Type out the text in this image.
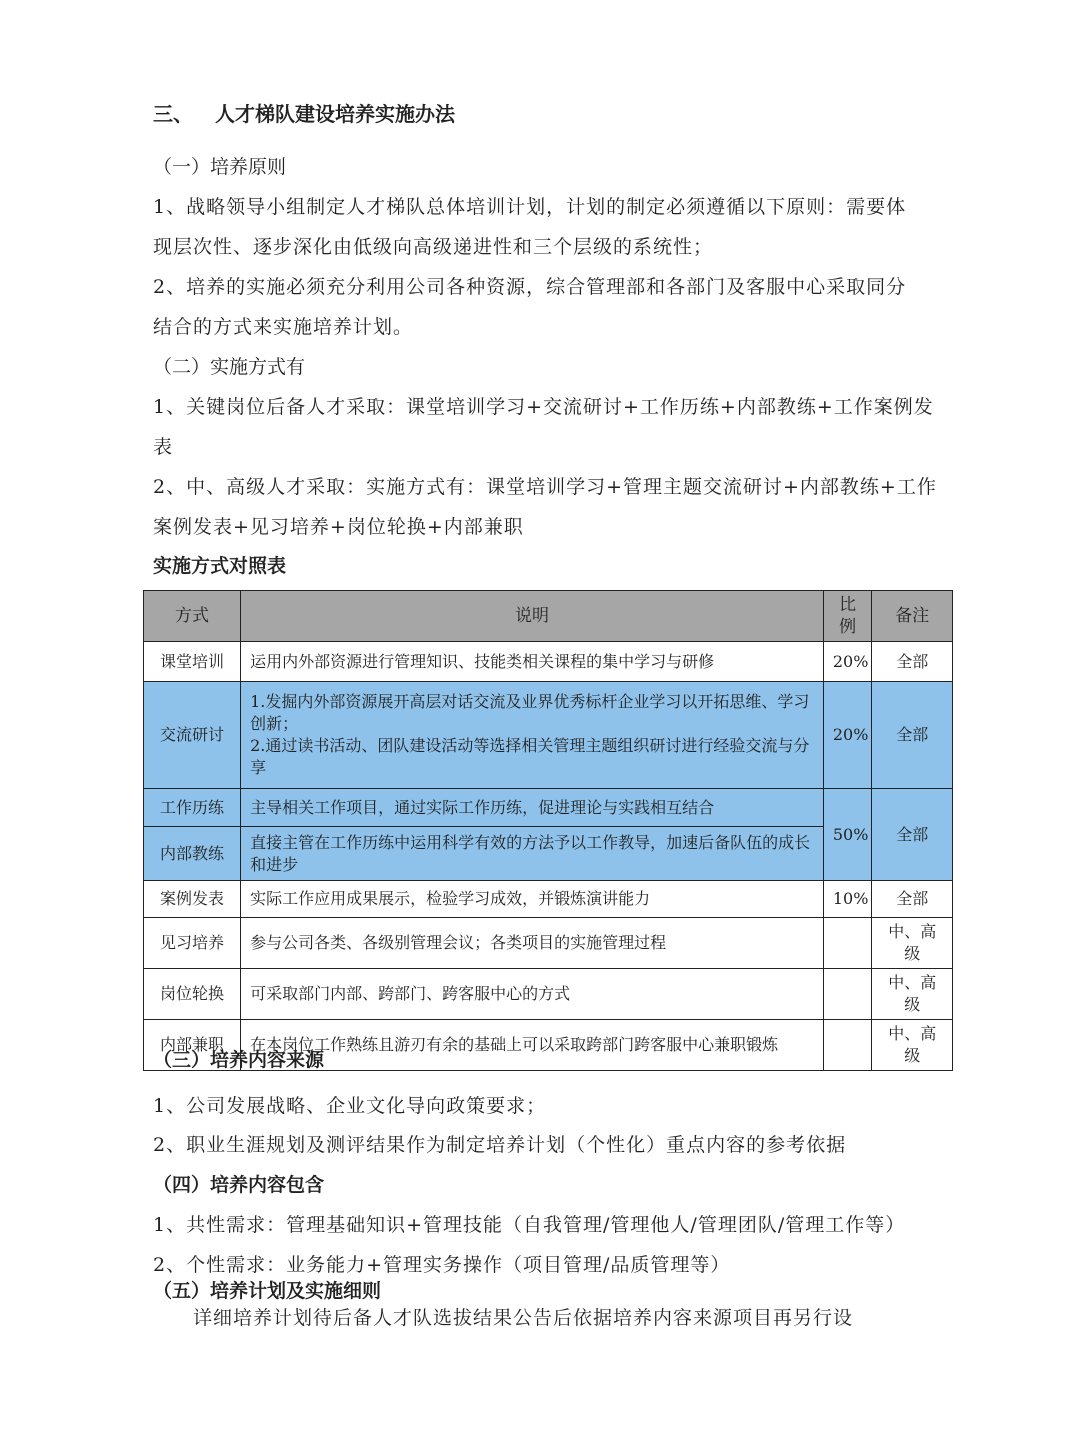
三、 人才梯队建设培养实施办法
（一）培养原则
1、战略领导小组制定人才梯队总体培训计划，计划的制定必须遵循以下原则：需要体
现层次性、逐步深化由低级向高级递进性和三个层级的系统性；
2、培养的实施必须充分利用公司各种资源，综合管理部和各部门及客服中心采取同分
结合的方式来实施培养计划。
（二）实施方式有
1、关键岗位后备人才采取：课堂培训学习+交流研讨+工作历练+内部教练+工作案例发
表
2、中、高级人才采取：实施方式有：课堂培训学习+管理主题交流研讨+内部教练+工作
案例发表+见习培养+岗位轮换+内部兼职
实施方式对照表
方式	说明	比例	备注
课堂培训	运用内外部资源进行管理知识、技能类相关课程的集中学习与研修	20%	全部
交流研讨	1.发掘内外部资源展开高层对话交流及业界优秀标杆企业学习以开拓思维、学习创新；
2.通过读书活动、团队建设活动等选择相关管理主题组织研讨进行经验交流与分享	20%	全部
工作历练	主导相关工作项目，通过实际工作历练，促进理论与实践相互结合	50%	全部
内部教练	直接主管在工作历练中运用科学有效的方法予以工作教导，加速后备队伍的成长和进步		
案例发表	实际工作应用成果展示，检验学习成效，并锻炼演讲能力	10%	全部
见习培养	参与公司各类、各级别管理会议；各类项目的实施管理过程		中、高级
岗位轮换	可采取部门内部、跨部门、跨客服中心的方式		中、高级
内部兼职	在本岗位工作熟练且游刃有余的基础上可以采取跨部门跨客服中心兼职锻炼		中、高级
（三）培养内容来源
1、公司发展战略、企业文化导向政策要求；
2、职业生涯规划及测评结果作为制定培养计划（个性化）重点内容的参考依据
（四）培养内容包含
1、共性需求：管理基础知识+管理技能（自我管理/管理他人/管理团队/管理工作等）
2、个性需求：业务能力+管理实务操作（项目管理/品质管理等）
（五）培养计划及实施细则
详细培养计划待后备人才队选拔结果公告后依据培养内容来源项目再另行设
